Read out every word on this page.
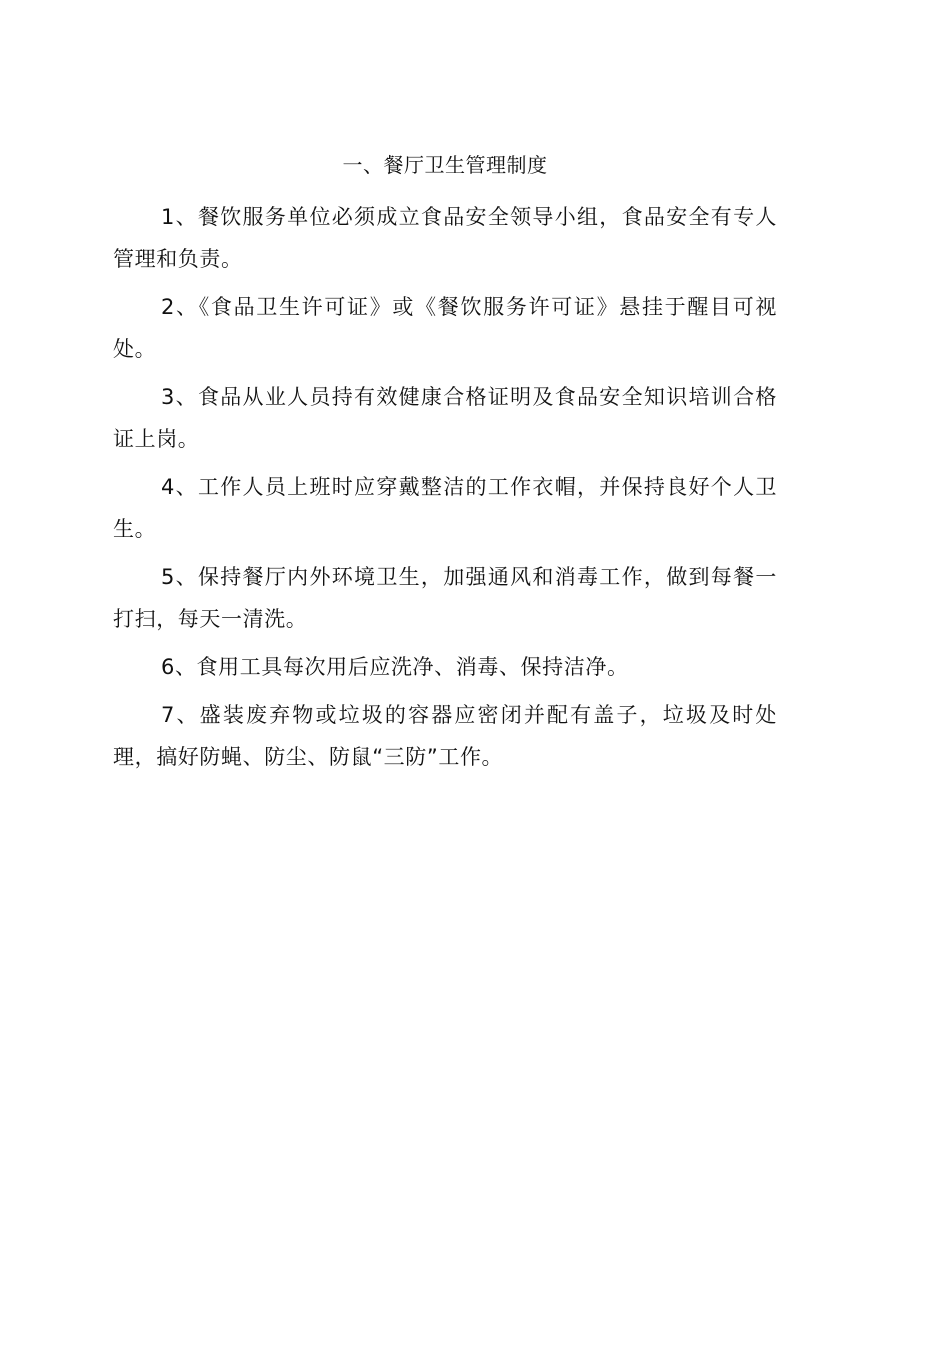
一、餐厅卫生管理制度
1、餐饮服务单位必须成立食品安全领导小组，食品安全有专人管理和负责。
2、《食品卫生许可证》或《餐饮服务许可证》悬挂于醒目可视处。
3、食品从业人员持有效健康合格证明及食品安全知识培训合格证上岗。
4、工作人员上班时应穿戴整洁的工作衣帽，并保持良好个人卫生。
5、保持餐厅内外环境卫生，加强通风和消毒工作，做到每餐一打扫，每天一清洗。
6、食用工具每次用后应洗净、消毒、保持洁净。
7、盛装废弃物或垃圾的容器应密闭并配有盖子，垃圾及时处理，搞好防蝇、防尘、防鼠“三防”工作。
